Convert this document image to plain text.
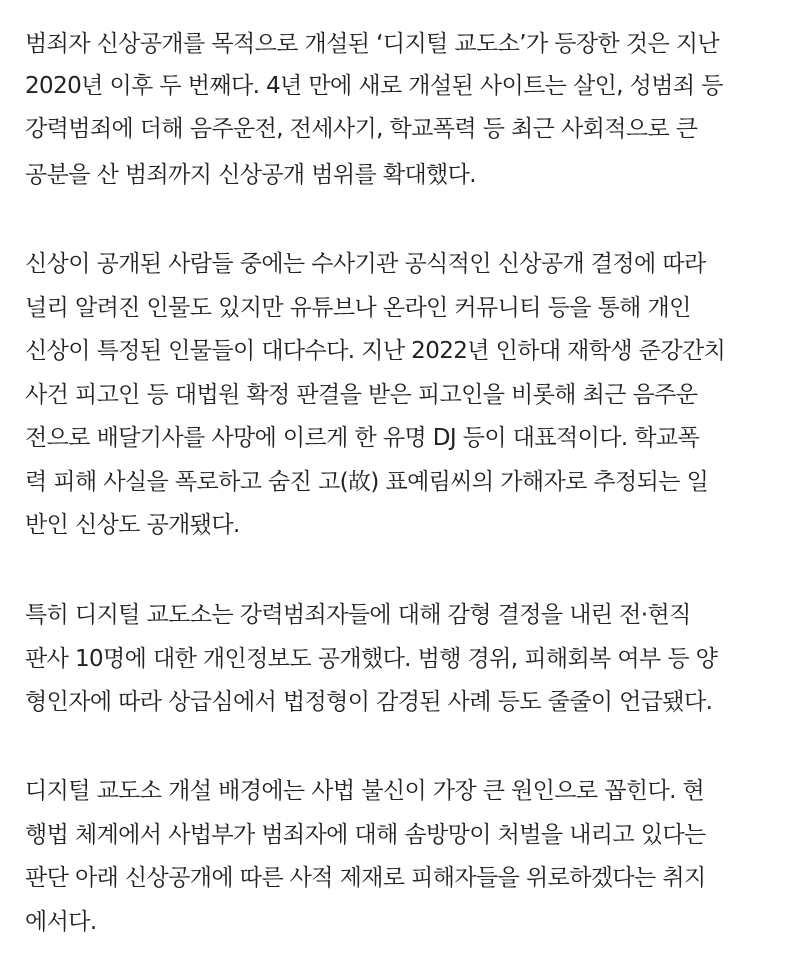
범죄자 신상공개를 목적으로 개설된 ‘디지털 교도소’가 등장한 것은 지난
2020년 이후 두 번째다. 4년 만에 새로 개설된 사이트는 살인, 성범죄 등
강력범죄에 더해 음주운전, 전세사기, 학교폭력 등 최근 사회적으로 큰
공분을 산 범죄까지 신상공개 범위를 확대했다.
신상이 공개된 사람들 중에는 수사기관 공식적인 신상공개 결정에 따라
널리 알려진 인물도 있지만 유튜브나 온라인 커뮤니티 등을 통해 개인
신상이 특정된 인물들이 대다수다. 지난 2022년 인하대 재학생 준강간치
사건 피고인 등 대법원 확정 판결을 받은 피고인을 비롯해 최근 음주운
전으로 배달기사를 사망에 이르게 한 유명 DJ 등이 대표적이다. 학교폭
력 피해 사실을 폭로하고 숨진 고(故) 표예림씨의 가해자로 추정되는 일
반인 신상도 공개됐다.
특히 디지털 교도소는 강력범죄자들에 대해 감형 결정을 내린 전·현직
판사 10명에 대한 개인정보도 공개했다. 범행 경위, 피해회복 여부 등 양
형인자에 따라 상급심에서 법정형이 감경된 사례 등도 줄줄이 언급됐다.
디지털 교도소 개설 배경에는 사법 불신이 가장 큰 원인으로 꼽힌다. 현
행법 체계에서 사법부가 범죄자에 대해 솜방망이 처벌을 내리고 있다는
판단 아래 신상공개에 따른 사적 제재로 피해자들을 위로하겠다는 취지
에서다.
